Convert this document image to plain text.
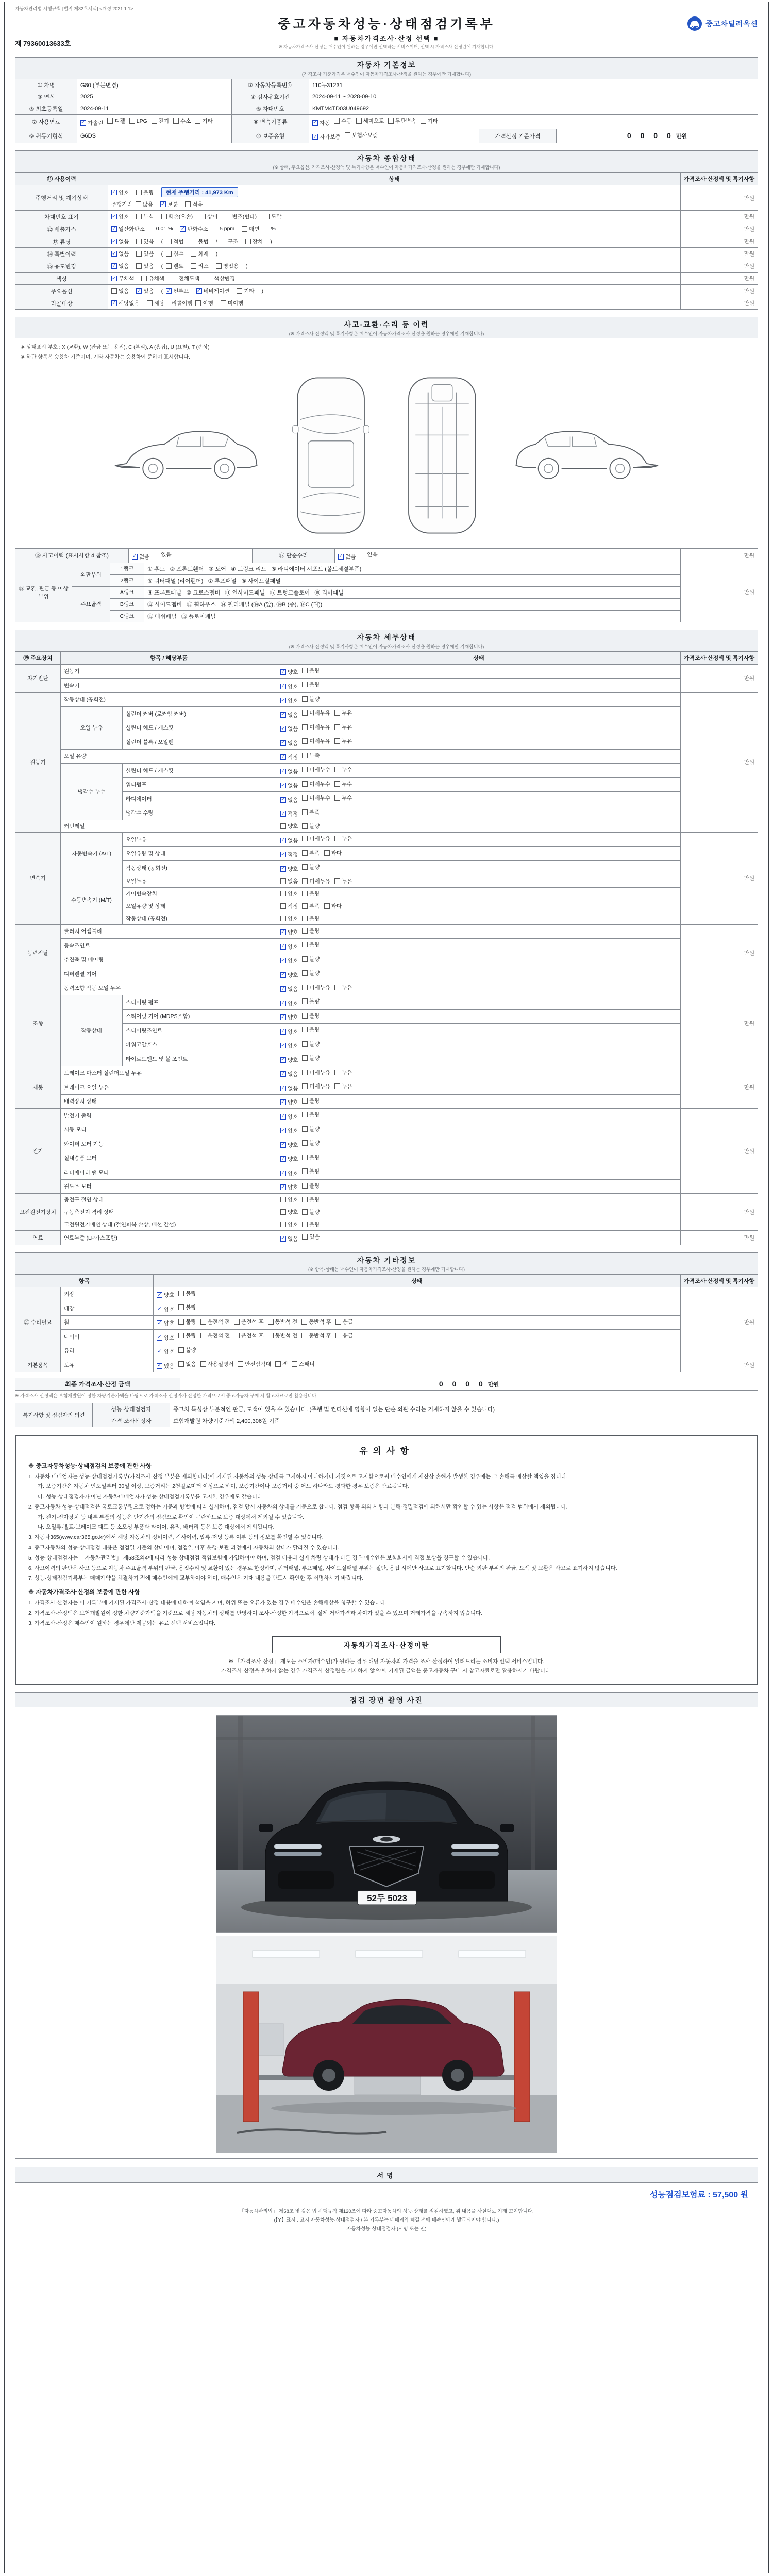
자동차관리법 시행규칙 [별지 제82호서식] <개정 2021.1.1>
제 79360013633호
중고자동차성능·상태점검기록부
■ 자동차가격조사·산정 선택 ■
※ 자동차가격조사·산정은 매수인이 원하는 경우에만 선택하는 서비스이며, 선택 시 가격조사·산정란에 기재합니다.
중고차딜러옥션
자동차 기본정보
(가격조사 기준가격은 매수인이 자동차가격조사·산정을 원하는 경우에만 기재합니다)
① 차명	G80 (부분변경)	② 자동차등록번호	110누31231		
③ 연식	2025	④ 검사유효기간	2024-09-11 ~ 2028-09-10		
⑤ 최초등록일	2024-09-11	⑥ 차대번호	KMTM4TD03U049692		
⑦ 사용연료	✓ 가솔린 디젤 LPG 전기 수소 기타	⑧ 변속기종류	✓ 자동 수동 세미오토 무단변속 기타

⑨ 원동기형식	G6DS	⑩ 보증유형	✓ 자가보증 보험사보증	가격산정 기준가격	0 0 0 0 만원
자동차 종합상태
(※ 상태, 주요옵션, 가격조사·산정액 및 특기사항은 매수인이 자동차가격조사·산정을 원하는 경우에만 기재합니다)
⑪ 사용이력	상태	가격조사·산정액 및 특기사항
주행거리 및 계기상태	
✓ 양호	불량	현재 주행거리 : 41,973 Km
주행거리 많음 ✓ 보통	적음
	만원
차대번호 표기	✓ 양호	부식	훼손(오손)	상이	변조(변타)	도말	만원
⑫ 배출가스	✓ 일산화탄소	0.01 %	✓ 탄화수소	5 ppm	매연	%	만원
⑬ 튜닝	✓ 없음	있음 ( 적법	불법 / 구조	장치 )	만원
⑭ 특별이력	✓ 없음	있음 ( 침수	화재 )	만원
⑮ 용도변경	✓ 없음	있음 ( 렌트	리스	영업용 )	만원
색상	✓ 무채색 유채색 전체도색 색상변경	만원
주요옵션	없음 ✓ 있음 ( ✓ 썬루프 ✓ 네비게이션	기타 )	만원
리콜대상	✓ 해당없음	해당 리콜이행 이행	미이행	만원
사고·교환·수리 등 이력
(※ 가격조사·산정액 및 특기사항은 매수인이 자동차가격조사·산정을 원하는 경우에만 기재합니다)
※ 상태표시 부호 : X (교환), W (판금 또는 용접), C (부식), A (흠집), U (요철), T (손상)
※ 하단 항목은 승용차 기준이며, 기타 자동차는 승용차에 준하여 표시합니다.
⑯ 사고이력 (표시사항 4 참조)	✓ 없음 있음	⑰ 단순수리	✓ 없음 있음	만원
⑱ 교환, 판금 등 이상 부위	외판부위	1랭크	① 후드   ② 프론트휀더   ③ 도어   ④ 트렁크 리드   ⑤ 라디에이터 서포트 (볼트체결부품)	만원
		2랭크	⑥ 쿼터패널 (리어휀더)   ⑦ 루프패널   ⑧ 사이드실패널	
	주요골격	A랭크	⑨ 프론트패널   ⑩ 크로스멤버   ⑪ 인사이드패널   ⑰ 트렁크플로어   ⑱ 리어패널	
		B랭크	⑫ 사이드멤버   ⑬ 휠하우스   ⑭ 필러패널 (⑭A (앞), ⑭B (중), ⑭C (뒤))	
		C랭크	⑮ 대쉬패널   ⑯ 플로어패널	
자동차 세부상태
(※ 가격조사·산정액 및 특기사항은 매수인이 자동차가격조사·산정을 원하는 경우에만 기재합니다)
⑲ 주요장치	항목 / 해당부품		상태	가격조사·산정액 및 특기사항
자기진단	원동기		✓ 양호 불량	만원
	변속기		✓ 양호 불량	

원동기	작동상태 (공회전)		✓ 양호 불량	만원
	오일 누유	실린더 커버 (로커암 커버)	✓ 없음 미세누유 누유	

		실린더 헤드 / 개스킷	✓ 없음 미세누유 누유	

		실린더 블록 / 오일팬	✓ 없음 미세누유 누유	

	오일 유량		✓ 적정 부족	

	냉각수 누수	실린더 헤드 / 개스킷	✓ 없음 미세누수 누수	

		워터펌프	✓ 없음 미세누수 누수	

		라디에이터	✓ 없음 미세누수 누수	

		냉각수 수량	✓ 적정 부족	

	커먼레일		양호 불량	

변속기	자동변속기 (A/T)	오일누유	✓ 없음 미세누유 누유	만원
		오일유량 및 상태	✓ 적정 부족 과다	

		작동상태 (공회전)	✓ 양호 불량	

	수동변속기 (M/T)	오일누유	없음 미세누유 누유	

		기어변속장치	양호 불량	

		오일유량 및 상태	적정 부족 과다	

		작동상태 (공회전)	양호 불량	

동력전달	클러치 어셈블리		✓ 양호 불량	만원
	등속조인트		✓ 양호 불량	

	추진축 및 베어링		✓ 양호 불량	

	디퍼렌셜 기어		✓ 양호 불량	

조향	동력조향 작동 오일 누유		✓ 없음 미세누유 누유	만원
	작동상태	스티어링 펌프	✓ 양호 불량	

		스티어링 기어 (MDPS포함)	✓ 양호 불량	

		스티어링조인트	✓ 양호 불량	

		파워고압호스	✓ 양호 불량	

		타이로드엔드 및 볼 조인트	✓ 양호 불량	

제동	브레이크 마스터 실린더오일 누유		✓ 없음 미세누유 누유	만원
	브레이크 오일 누유		✓ 없음 미세누유 누유	

	배력장치 상태		✓ 양호 불량	

전기	발전기 출력		✓ 양호 불량	만원
	시동 모터		✓ 양호 불량	

	와이퍼 모터 기능		✓ 양호 불량	

	실내송풍 모터		✓ 양호 불량	

	라디에이터 팬 모터		✓ 양호 불량	

	윈도우 모터		✓ 양호 불량	

고전원전기장치	충전구 절연 상태		양호 불량	만원
	구동축전지 격리 상태		양호 불량	

	고전원전기배선 상태 (절연피복 손상, 배선 간섭)		양호 불량	

연료	연료누출 (LP가스포함)		✓ 없음 있음	만원
자동차 기타정보
(※ 항목·상태는 매수인이 자동차가격조사·산정을 원하는 경우에만 기재합니다)
항목		상태	가격조사·산정액 및 특기사항
⑳ 수리필요	외장	✓ 양호 불량	만원
	내장	✓ 양호 불량	

휠	✓ 양호 불량 운전석 전 운전석 후 동반석 전 동반석 후 응급

타이어	✓ 양호 불량 운전석 전 운전석 후 동반석 전 동반석 후 응급

	유리	✓ 양호 불량	

기본품목	보유	✓ 있음 없음 사용설명서 안전삼각대 잭 스패너	만원
최종 가격조사·산정 금액	0 0 0 0 만원
※ 가격조사·산정액은 보험개발원이 정한 차량기준가액을 바탕으로 가격조사·산정자가 산정한 가격으로서 중고자동차 구매 시 참고자료로만 활용됩니다.
특기사항 및 점검자의 의견	성능·상태점검자	중고차 특성상 부분적인 판금, 도색이 있을 수 있습니다. (주행 및 컨디션에 영향이 없는 단순 외관 수리는 기재하지 않을 수 있습니다)
	가격·조사산정자	보험개발원 차량기준가액 2,400,306원 기준
유의사항
※ 중고자동차성능·상태점검의 보증에 관한 사항

1. 자동차 매매업자는 성능·상태점검기록부(가격조사·산정 부분은 제외합니다)에 기재된 자동차의 성능·상태를 고지하지 아니하거나 거짓으로 고지함으로써 매수인에게 재산상 손해가 발생한 경우에는 그 손해를 배상할 책임을 집니다.

가. 보증기간은 자동차 인도일부터 30일 이상, 보증거리는 2천킬로미터 이상으로 하며, 보증기간이나 보증거리 중 어느 하나라도 경과한 경우 보증은 만료됩니다.

나. 성능·상태점검자가 아닌 자동차매매업자가 성능·상태점검기록부를 고지한 경우에도 같습니다.

2. 중고자동차 성능·상태점검은 국토교통부령으로 정하는 기준과 방법에 따라 실시하며, 점검 당시 자동차의 상태를 기준으로 합니다. 점검 항목 외의 사항과 분해·정밀점검에 의해서만 확인할 수 있는 사항은 점검 범위에서 제외됩니다.

가. 전기·전자장치 등 내부 부품의 성능은 단기간의 점검으로 확인이 곤란하므로 보증 대상에서 제외될 수 있습니다.

나. 오일류·벨트·브레이크 패드 등 소모성 부품과 타이어, 유리, 배터리 등은 보증 대상에서 제외됩니다.

3. 자동차365(www.car365.go.kr)에서 해당 자동차의 정비이력, 검사이력, 압류·저당 등록 여부 등의 정보를 확인할 수 있습니다.

4. 중고자동차의 성능·상태점검 내용은 점검일 기준의 상태이며, 점검일 이후 운행·보관 과정에서 자동차의 상태가 달라질 수 있습니다.

5. 성능·상태점검자는 「자동차관리법」 제58조의4에 따라 성능·상태점검 책임보험에 가입하여야 하며, 점검 내용과 실제 차량 상태가 다른 경우 매수인은 보험회사에 직접 보상을 청구할 수 있습니다.

6. 사고이력의 판단은 사고 등으로 자동차 주요골격 부위의 판금, 용접수리 및 교환이 있는 경우로 한정하며, 쿼터패널, 루프패널, 사이드실패널 부위는 절단, 용접 시에만 사고로 표기합니다. 단순 외판 부위의 판금, 도색 및 교환은 사고로 표기하지 않습니다.

7. 성능·상태점검기록부는 매매계약을 체결하기 전에 매수인에게 교부하여야 하며, 매수인은 기재 내용을 반드시 확인한 후 서명하시기 바랍니다.

※ 자동차가격조사·산정의 보증에 관한 사항

1. 가격조사·산정자는 이 기록부에 기재된 가격조사·산정 내용에 대하여 책임을 지며, 허위 또는 오류가 있는 경우 매수인은 손해배상을 청구할 수 있습니다.

2. 가격조사·산정액은 보험개발원이 정한 차량기준가액을 기준으로 해당 자동차의 상태를 반영하여 조사·산정한 가격으로서, 실제 거래가격과 차이가 있을 수 있으며 거래가격을 구속하지 않습니다.

3. 가격조사·산정은 매수인이 원하는 경우에만 제공되는 유료 선택 서비스입니다.

자동차가격조사·산정이란

※ 「가격조사·산정」 제도는 소비자(매수인)가 원하는 경우 해당 자동차의 가격을 조사·산정하여 알려드리는 소비자 선택 서비스입니다.

가격조사·산정을 원하지 않는 경우 가격조사·산정란은 기재하지 않으며, 기재된 금액은 중고자동차 구매 시 참고자료로만 활용하시기 바랍니다.

점검 장면 촬영 사진
52두 5023
서명
성능점검보험료 : 57,500 원
「자동차관리법」 제58조 및 같은 법 시행규칙 제120조에 따라 중고자동차의 성능·상태를 점검하였고, 위 내용을 사실대로 기재·고지합니다.
(【Y】표시 : 고지 자동차성능·상태점검자 / 본 기록부는 매매계약 체결 전에 매수인에게 발급되어야 합니다.)
자동차성능·상태점검자 (서명 또는 인)
